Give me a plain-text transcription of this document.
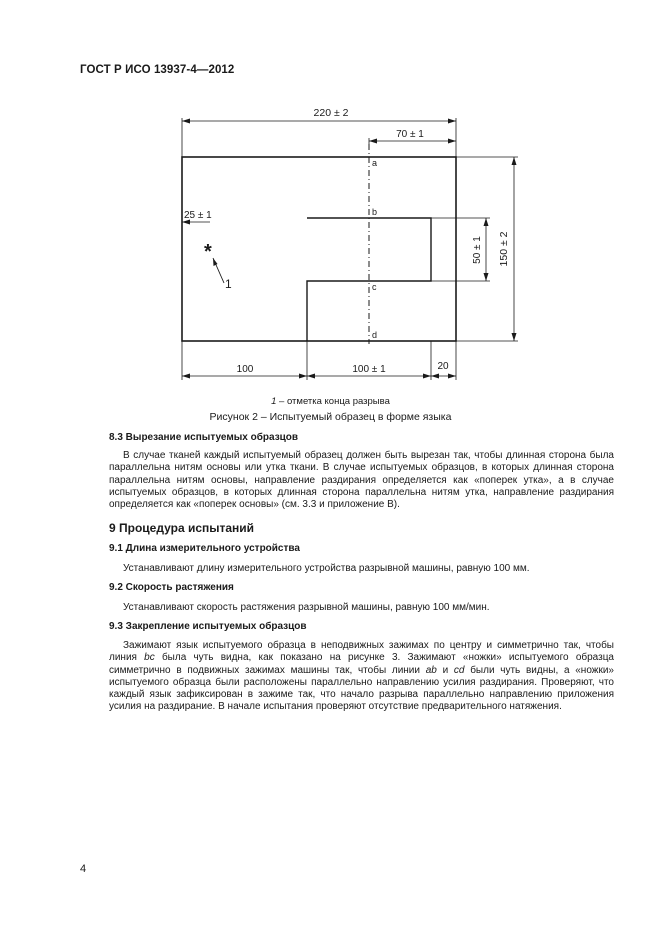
ГОСТ Р ИСО 13937-4—2012
220 ± 2
70 ± 1
25 ± 1
*
1
a
b
c
d
50 ± 1 150 ± 2
100	100 ± 1	20
1 – отметка конца разрыва
Рисунок 2 – Испытуемый образец в форме языка
8.3 Вырезание испытуемых образцов
В случае тканей каждый испытуемый образец должен быть вырезан так, чтобы длинная сторона была параллельна нитям основы или утка ткани. В случае испытуемых образцов, в которых длинная сторона параллельна нитям основы, направление раздирания определяется как «поперек утка», а в случае испытуемых образцов, в которых длинная сторона параллельна нитям утка, направление раздирания определяется как «поперек основы» (см. 3.3 и приложение В).
9 Процедура испытаний
9.1 Длина измерительного устройства
Устанавливают длину измерительного устройства разрывной машины, равную 100 мм.
9.2 Скорость растяжения
Устанавливают скорость растяжения разрывной машины, равную 100 мм/мин.
9.3 Закрепление испытуемых образцов
Зажимают язык испытуемого образца в неподвижных зажимах по центру и симметрично так, чтобы линия bc была чуть видна, как показано на рисунке 3. Зажимают «ножки» испытуемого образца симметрично в подвижных зажимах машины так, чтобы линии ab и cd были чуть видны, а «ножки» испытуемого образца были расположены параллельно направлению усилия раздирания. Проверяют, что каждый язык зафиксирован в зажиме так, что начало разрыва параллельно направлению приложения усилия на раздирание. В начале испытания проверяют отсутствие предварительного натяжения.
4
